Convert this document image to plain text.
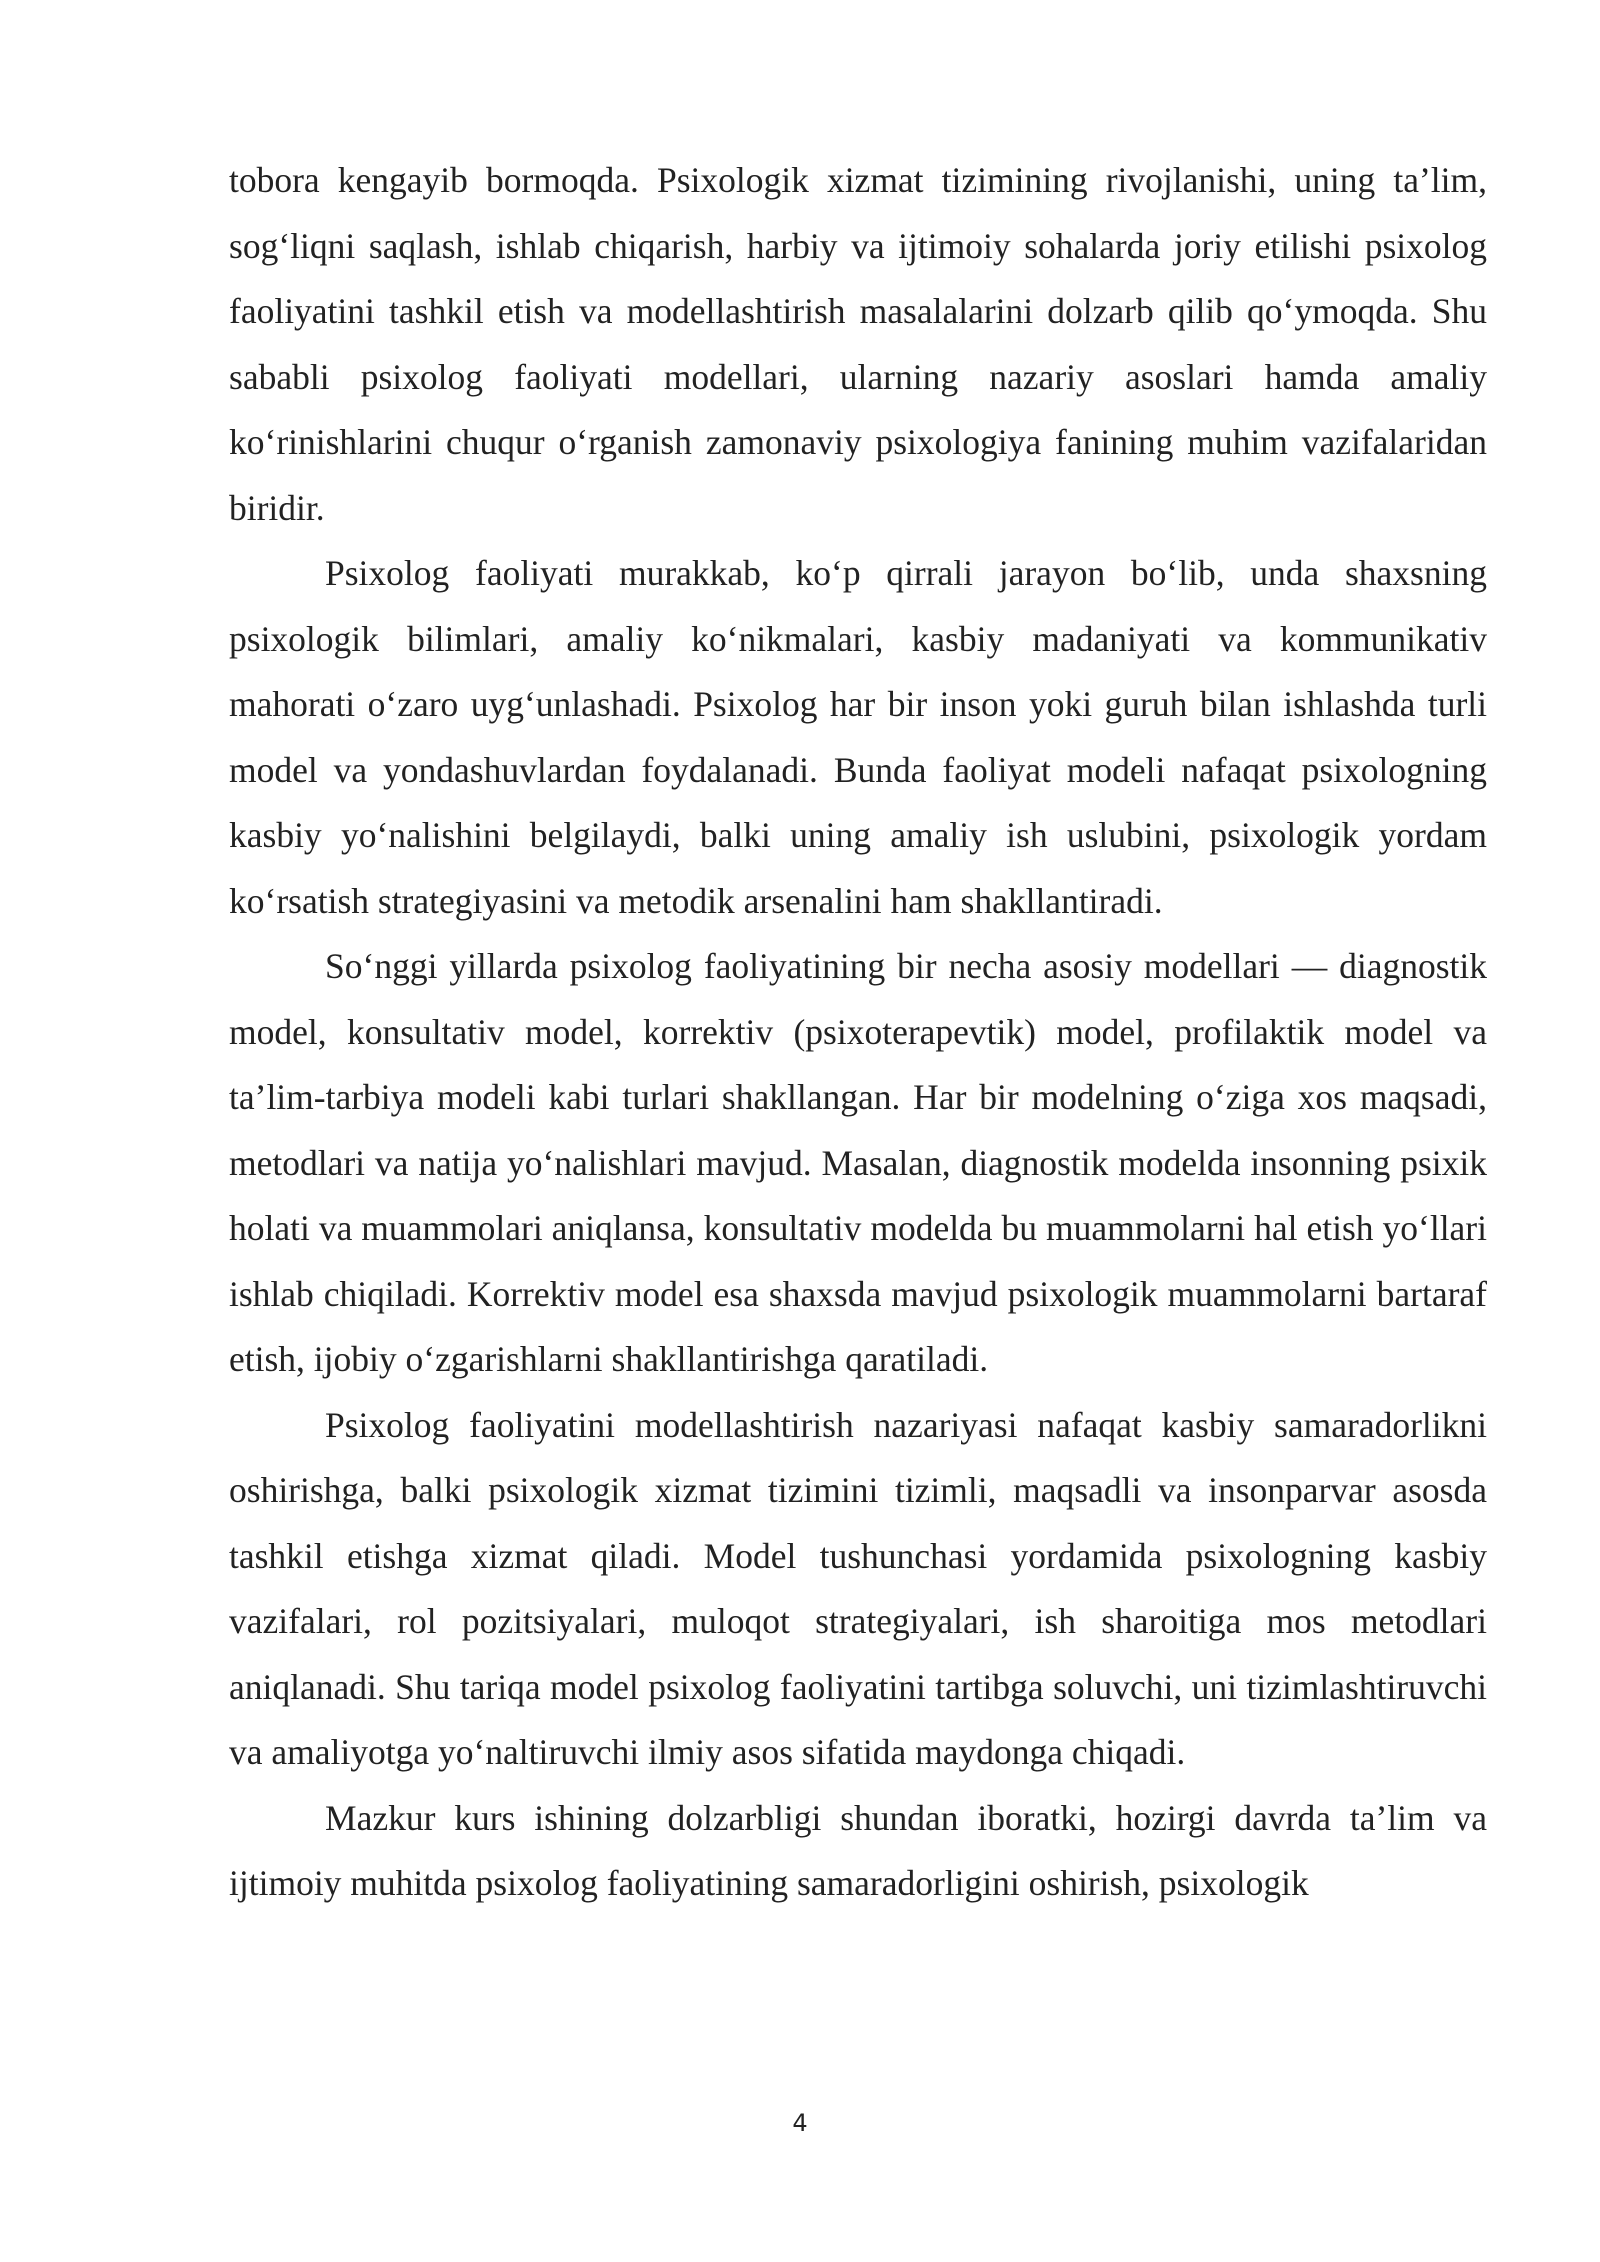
tobora kengayib bormoqda. Psixologik xizmat tizimining rivojlanishi, uning ta’lim, sog‘liqni saqlash, ishlab chiqarish, harbiy va ijtimoiy sohalarda joriy etilishi psixolog faoliyatini tashkil etish va modellashtirish masalalarini dolzarb qilib qo‘ymoqda. Shu sababli psixolog faoliyati modellari, ularning nazariy asoslari hamda amaliy ko‘rinishlarini chuqur o‘rganish zamonaviy psixologiya fanining muhim vazifalaridan biridir.

Psixolog faoliyati murakkab, ko‘p qirrali jarayon bo‘lib, unda shaxsning psixologik bilimlari, amaliy ko‘nikmalari, kasbiy madaniyati va kommunikativ mahorati o‘zaro uyg‘unlashadi. Psixolog har bir inson yoki guruh bilan ishlashda turli model va yondashuvlardan foydalanadi. Bunda faoliyat modeli nafaqat psixologning kasbiy yo‘nalishini belgilaydi, balki uning amaliy ish uslubini, psixologik yordam ko‘rsatish strategiyasini va metodik arsenalini ham shakllantiradi.

So‘nggi yillarda psixolog faoliyatining bir necha asosiy modellari — diagnostik model, konsultativ model, korrektiv (psixoterapevtik) model, profilaktik model va ta’lim-tarbiya modeli kabi turlari shakllangan. Har bir modelning o‘ziga xos maqsadi, metodlari va natija yo‘nalishlari mavjud. Masalan, diagnostik modelda insonning psixik holati va muammolari aniqlansa, konsultativ modelda bu muammolarni hal etish yo‘llari ishlab chiqiladi. Korrektiv model esa shaxsda mavjud psixologik muammolarni bartaraf etish, ijobiy o‘zgarishlarni shakllantirishga qaratiladi.

Psixolog faoliyatini modellashtirish nazariyasi nafaqat kasbiy samaradorlikni oshirishga, balki psixologik xizmat tizimini tizimli, maqsadli va insonparvar asosda tashkil etishga xizmat qiladi. Model tushunchasi yordamida psixologning kasbiy vazifalari, rol pozitsiyalari, muloqot strategiyalari, ish sharoitiga mos metodlari aniqlanadi. Shu tariqa model psixolog faoliyatini tartibga soluvchi, uni tizimlashtiruvchi va amaliyotga yo‘naltiruvchi ilmiy asos sifatida maydonga chiqadi.

Mazkur kurs ishining dolzarbligi shundan iboratki, hozirgi davrda ta’lim va ijtimoiy muhitda psixolog faoliyatining samaradorligini oshirish, psixologik

4
